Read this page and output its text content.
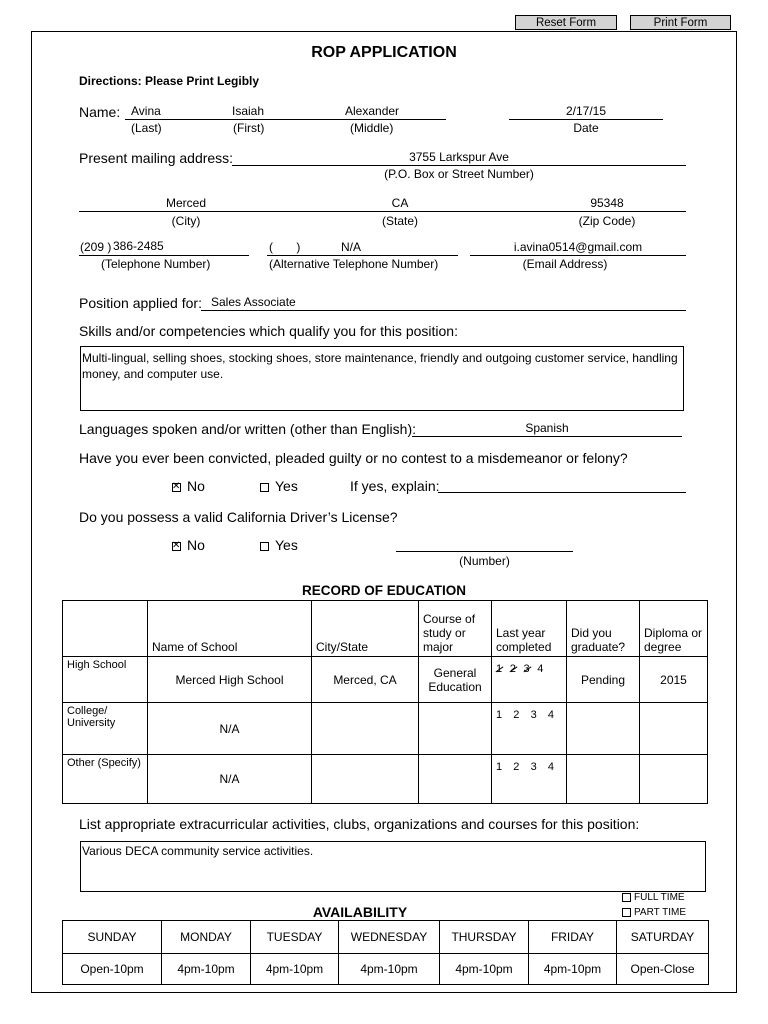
Reset Form	Print Form
ROP APPLICATION
Directions: Please Print Legibly
Name: Avina	Isaiah	Alexander	2/17/15
(Last)	(First)	(Middle)	Date
Present mailing address:	3755 Larkspur Ave
(P.O. Box or Street Number)
Merced	CA	95348
(City)	(State)	(Zip Code)
(209 ) 386-2485
(Telephone Number)
(       )	N/A
(Alternative Telephone Number)
i.avina0514@gmail.com
(Email Address)
Position applied for: Sales Associate
Skills and/or competencies which qualify you for this position:
Multi-lingual, selling shoes, stocking shoes, store maintenance, friendly and outgoing customer service, handling money, and computer use.
Languages spoken and/or written (other than English):	Spanish
Have you ever been convicted, pleaded guilty or no contest to a misdemeanor or felony?
✕No	Yes	If yes, explain:
Do you possess a valid California Driver’s License?
✕No	Yes
(Number)
RECORD OF EDUCATION
	Name of School	City/State	Course of study or major	Last year completed	Did you graduate?	Diploma or degree
High School	Merced High School	Merced, CA	General Education	1 2 3 4	Pending	2015
College/ University	N/A			1 2 3 4		
Other (Specify)	N/A			1 2 3 4		
List appropriate extracurricular activities, clubs, organizations and courses for this position:
Various DECA community service activities.
AVAILABILITY
FULL TIME
PART TIME
SUNDAY	MONDAY	TUESDAY	WEDNESDAY	THURSDAY	FRIDAY	SATURDAY
Open-10pm	4pm-10pm	4pm-10pm	4pm-10pm	4pm-10pm	4pm-10pm	Open-Close
